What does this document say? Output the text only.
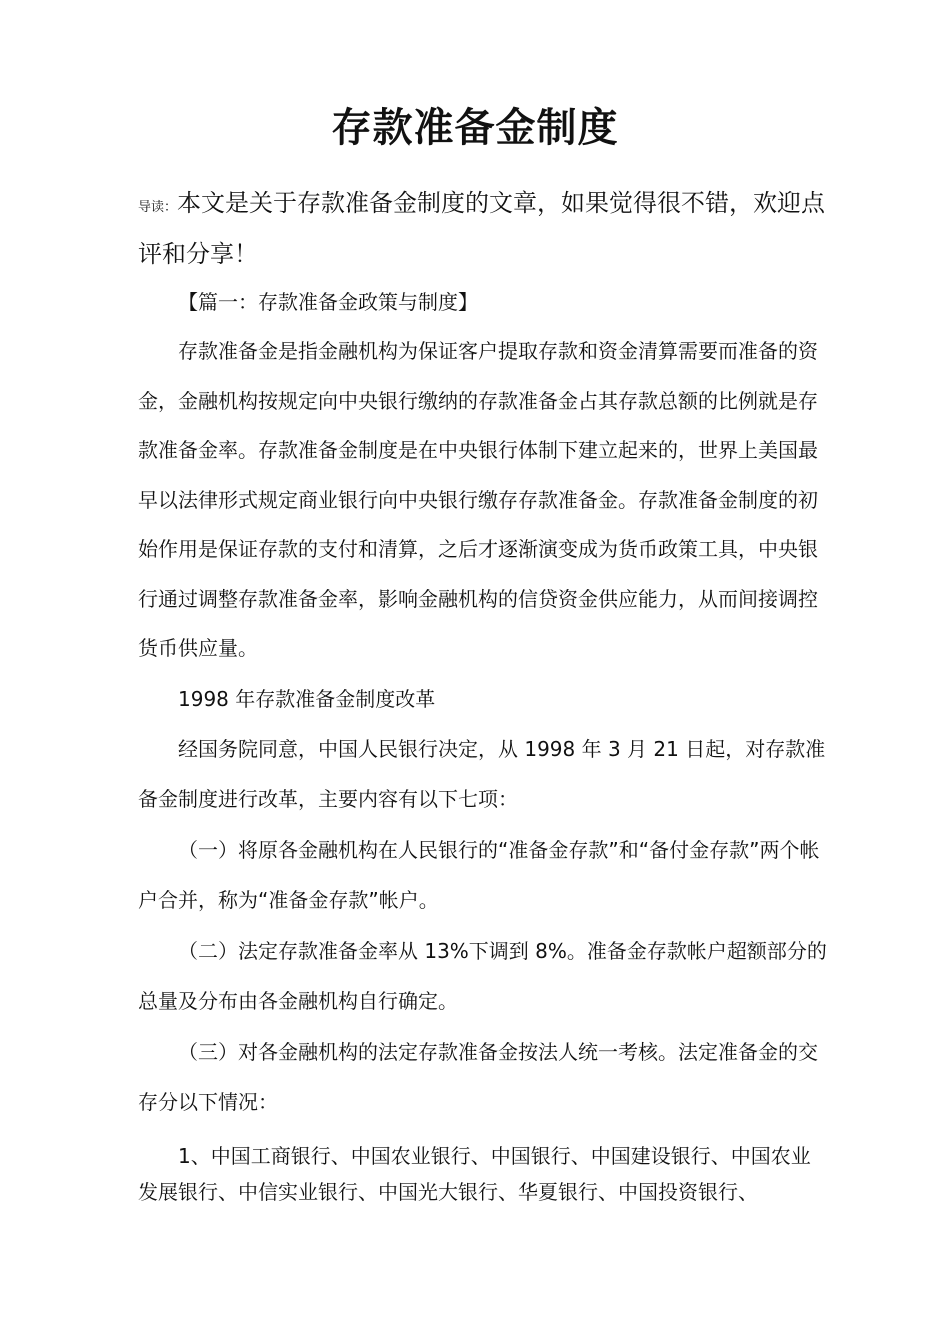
存款准备金制度

导读：本文是关于存款准备金制度的文章，如果觉得很不错，欢迎点评和分享！

【篇一：存款准备金政策与制度】

存款准备金是指金融机构为保证客户提取存款和资金清算需要而准备的资金，金融机构按规定向中央银行缴纳的存款准备金占其存款总额的比例就是存款准备金率。存款准备金制度是在中央银行体制下建立起来的，世界上美国最早以法律形式规定商业银行向中央银行缴存存款准备金。存款准备金制度的初始作用是保证存款的支付和清算，之后才逐渐演变成为货币政策工具，中央银行通过调整存款准备金率，影响金融机构的信贷资金供应能力，从而间接调控货币供应量。

1998 年存款准备金制度改革

经国务院同意，中国人民银行决定，从 1998 年 3 月 21 日起，对存款准备金制度进行改革，主要内容有以下七项：

（一）将原各金融机构在人民银行的“准备金存款”和“备付金存款”两个帐户合并，称为“准备金存款”帐户。

（二）法定存款准备金率从 13%下调到 8%。准备金存款帐户超额部分的总量及分布由各金融机构自行确定。

（三）对各金融机构的法定存款准备金按法人统一考核。法定准备金的交存分以下情况：

1、中国工商银行、中国农业银行、中国银行、中国建设银行、中国农业发展银行、中信实业银行、中国光大银行、华夏银行、中国投资银行、
